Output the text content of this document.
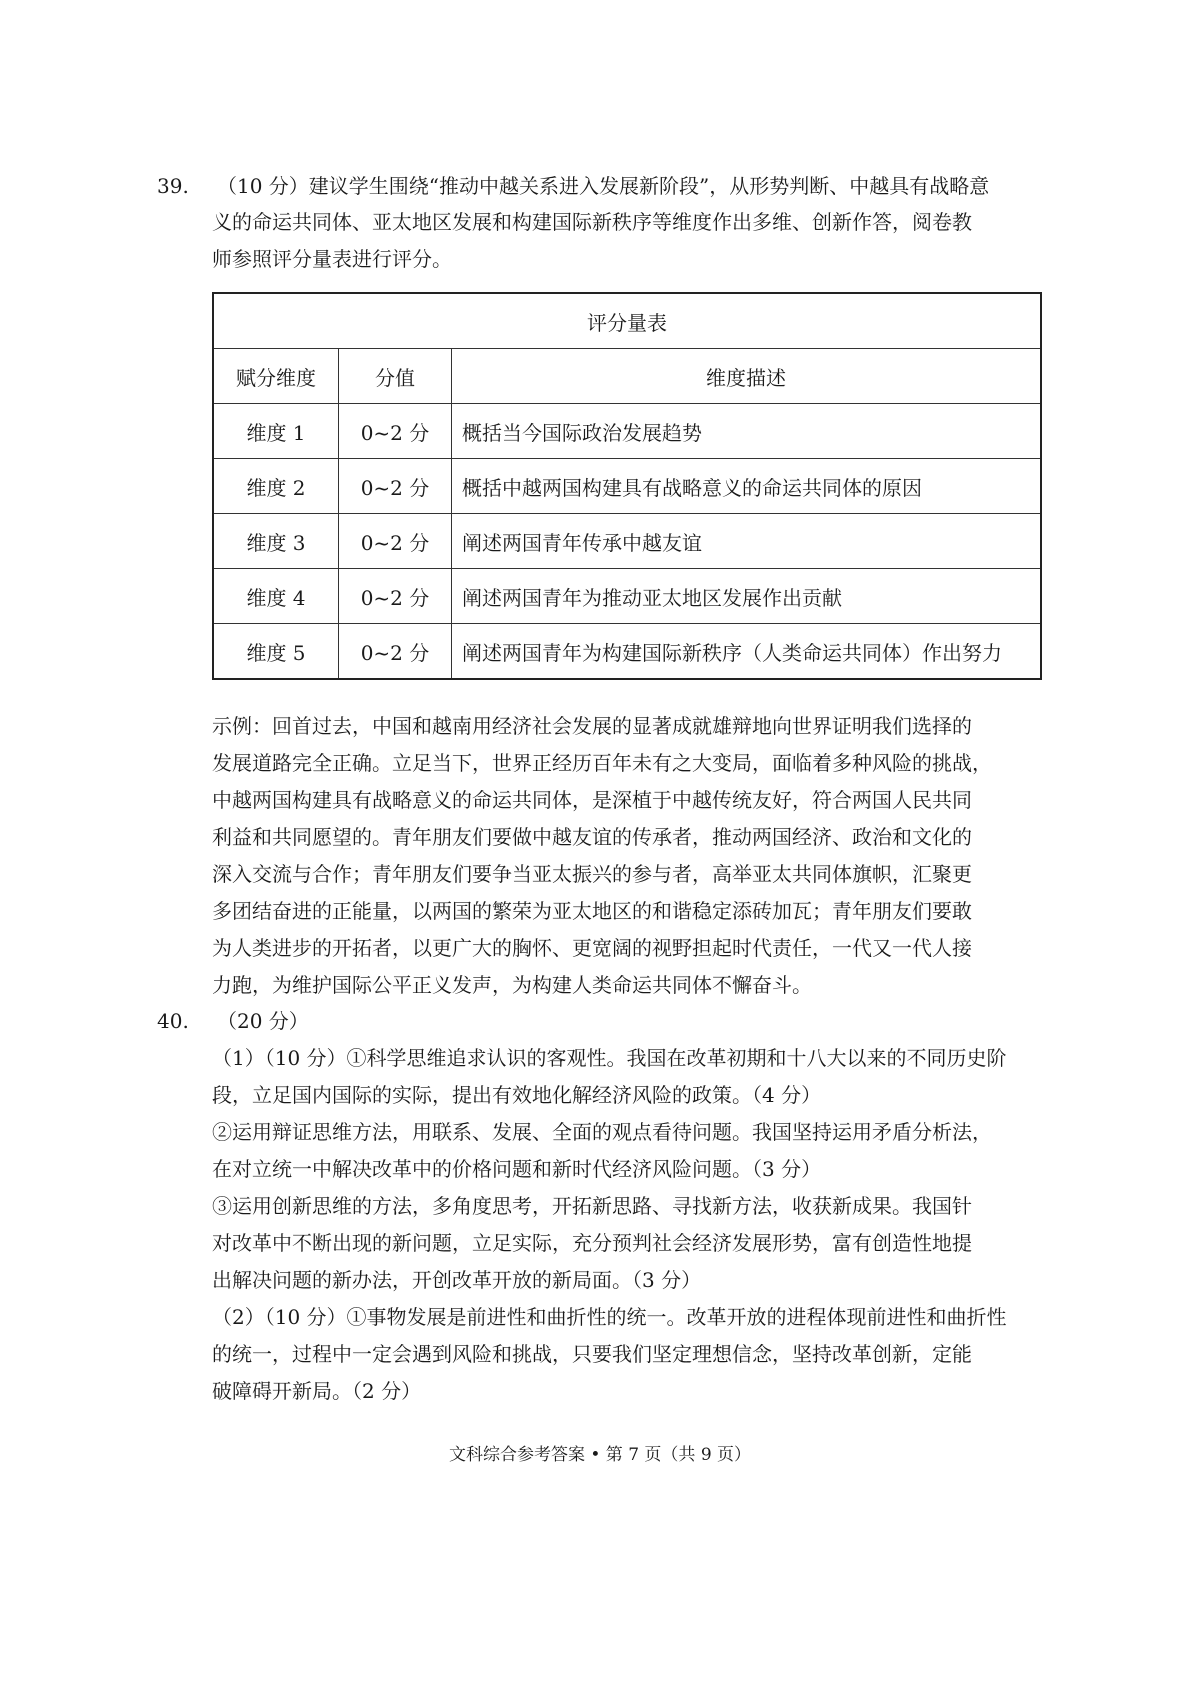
39. （10 分）建议学生围绕“推动中越关系进入发展新阶段”，从形势判断、中越具有战略意
义的命运共同体、亚太地区发展和构建国际新秩序等维度作出多维、创新作答，阅卷教
师参照评分量表进行评分。
评分量表		
赋分维度	分值	维度描述
维度 1	0~2 分	概括当今国际政治发展趋势
维度 2	0~2 分	概括中越两国构建具有战略意义的命运共同体的原因
维度 3	0~2 分	阐述两国青年传承中越友谊
维度 4	0~2 分	阐述两国青年为推动亚太地区发展作出贡献
维度 5	0~2 分	阐述两国青年为构建国际新秩序（人类命运共同体）作出努力
示例：回首过去，中国和越南用经济社会发展的显著成就雄辩地向世界证明我们选择的
发展道路完全正确。立足当下，世界正经历百年未有之大变局，面临着多种风险的挑战，
中越两国构建具有战略意义的命运共同体，是深植于中越传统友好，符合两国人民共同
利益和共同愿望的。青年朋友们要做中越友谊的传承者，推动两国经济、政治和文化的
深入交流与合作；青年朋友们要争当亚太振兴的参与者，高举亚太共同体旗帜，汇聚更
多团结奋进的正能量，以两国的繁荣为亚太地区的和谐稳定添砖加瓦；青年朋友们要敢
为人类进步的开拓者，以更广大的胸怀、更宽阔的视野担起时代责任，一代又一代人接
力跑，为维护国际公平正义发声，为构建人类命运共同体不懈奋斗。
40. （20 分）
（1）（10 分）①科学思维追求认识的客观性。我国在改革初期和十八大以来的不同历史阶
段，立足国内国际的实际，提出有效地化解经济风险的政策。（4 分）
②运用辩证思维方法，用联系、发展、全面的观点看待问题。我国坚持运用矛盾分析法，
在对立统一中解决改革中的价格问题和新时代经济风险问题。（3 分）
③运用创新思维的方法，多角度思考，开拓新思路、寻找新方法，收获新成果。我国针
对改革中不断出现的新问题，立足实际，充分预判社会经济发展形势，富有创造性地提
出解决问题的新办法，开创改革开放的新局面。（3 分）
（2）（10 分）①事物发展是前进性和曲折性的统一。改革开放的进程体现前进性和曲折性
的统一，过程中一定会遇到风险和挑战，只要我们坚定理想信念，坚持改革创新，定能
破障碍开新局。（2 分）
文科综合参考答案 • 第 7 页（共 9 页）
